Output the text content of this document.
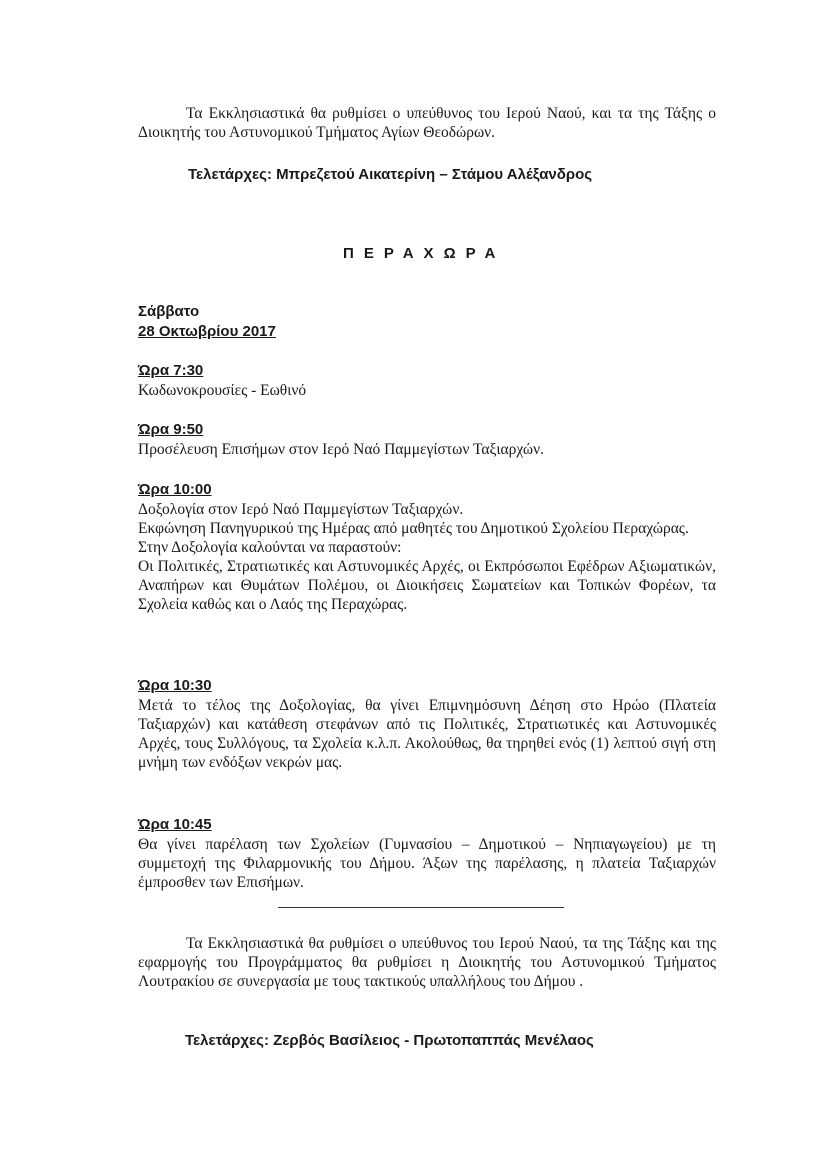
Τα Εκκλησιαστικά θα ρυθμίσει ο υπεύθυνος του Ιερού Ναού, και τα της Τάξης ο Διοικητής του Αστυνομικού Τμήματος Αγίων Θεοδώρων.
Τελετάρχες: Μπρεζετού Αικατερίνη – Στάμου Αλέξανδρος
ΠΕΡΑΧΩΡΑ
Σάββατο
28 Οκτωβρίου 2017
Ώρα 7:30
Κωδωνοκρουσίες - Εωθινό
Ώρα 9:50
Προσέλευση Επισήμων στον Ιερό Ναό Παμμεγίστων Ταξιαρχών.
Ώρα 10:00
Δοξολογία στον Ιερό Ναό Παμμεγίστων Ταξιαρχών.
Εκφώνηση Πανηγυρικού της Ημέρας από μαθητές του Δημοτικού Σχολείου Περαχώρας.
Στην Δοξολογία καλούνται να παραστούν:
Οι Πολιτικές, Στρατιωτικές και Αστυνομικές Αρχές, οι Εκπρόσωποι Εφέδρων Αξιωματικών, Αναπήρων και Θυμάτων Πολέμου, οι Διοικήσεις Σωματείων και Τοπικών Φορέων, τα Σχολεία καθώς και ο Λαός της Περαχώρας.
Ώρα 10:30
Μετά το τέλος της Δοξολογίας, θα γίνει Επιμνημόσυνη Δέηση στο Ηρώο (Πλατεία Ταξιαρχών) και κατάθεση στεφάνων από τις Πολιτικές, Στρατιωτικές και Αστυνομικές Αρχές, τους Συλλόγους, τα Σχολεία κ.λ.π. Ακολούθως, θα τηρηθεί ενός (1) λεπτού σιγή στη μνήμη των ενδόξων νεκρών μας.
Ώρα 10:45
Θα γίνει παρέλαση των Σχολείων (Γυμνασίου – Δημοτικού – Νηπιαγωγείου) με τη συμμετοχή της Φιλαρμονικής του Δήμου. Άξων της παρέλασης, η πλατεία Ταξιαρχών έμπροσθεν των Επισήμων.
Τα Εκκλησιαστικά θα ρυθμίσει ο υπεύθυνος του Ιερού Ναού, τα της Τάξης και της εφαρμογής του Προγράμματος θα ρυθμίσει η Διοικητής του Αστυνομικού Τμήματος Λουτρακίου σε συνεργασία με τους τακτικούς υπαλλήλους του Δήμου .
Τελετάρχες: Ζερβός Βασίλειος - Πρωτοπαππάς Μενέλαος
